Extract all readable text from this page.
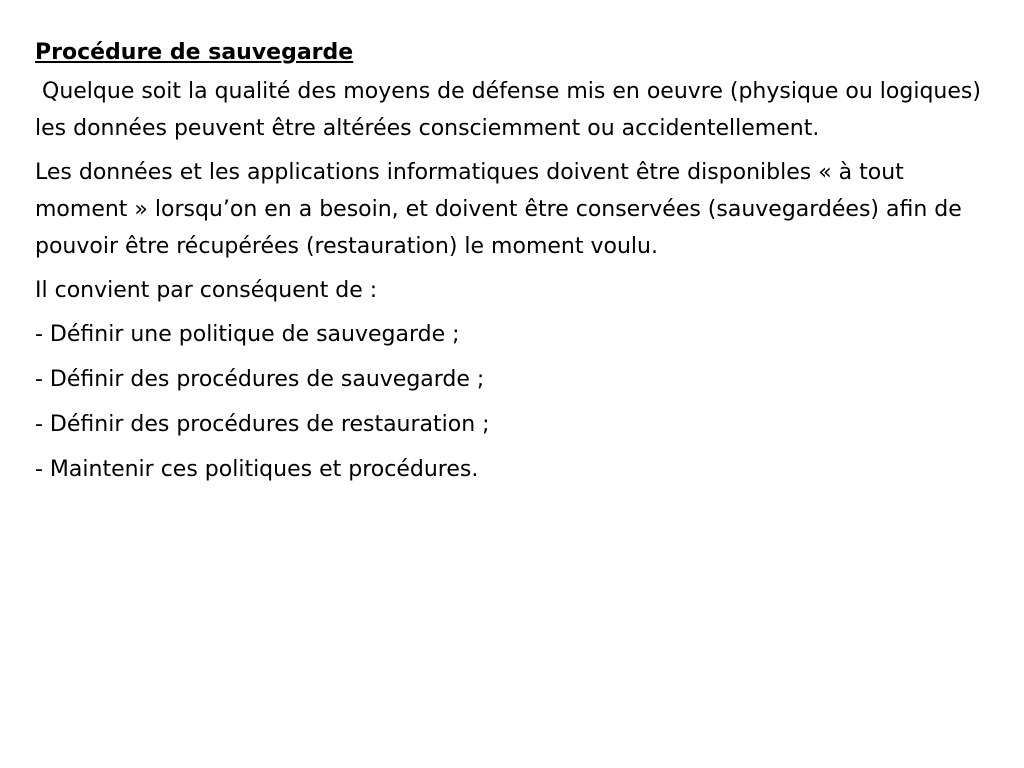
Procédure de sauvegarde

Quelque soit la qualité des moyens de défense mis en oeuvre (physique ou logiques) les données peuvent être altérées consciemment ou accidentellement.

Les données et les applications informatiques doivent être disponibles « à tout moment » lorsqu’on en a besoin, et doivent être conservées (sauvegardées) afin de pouvoir être récupérées (restauration) le moment voulu.

Il convient par conséquent de :

- Définir une politique de sauvegarde ;
- Définir des procédures de sauvegarde ;
- Définir des procédures de restauration ;
- Maintenir ces politiques et procédures.
